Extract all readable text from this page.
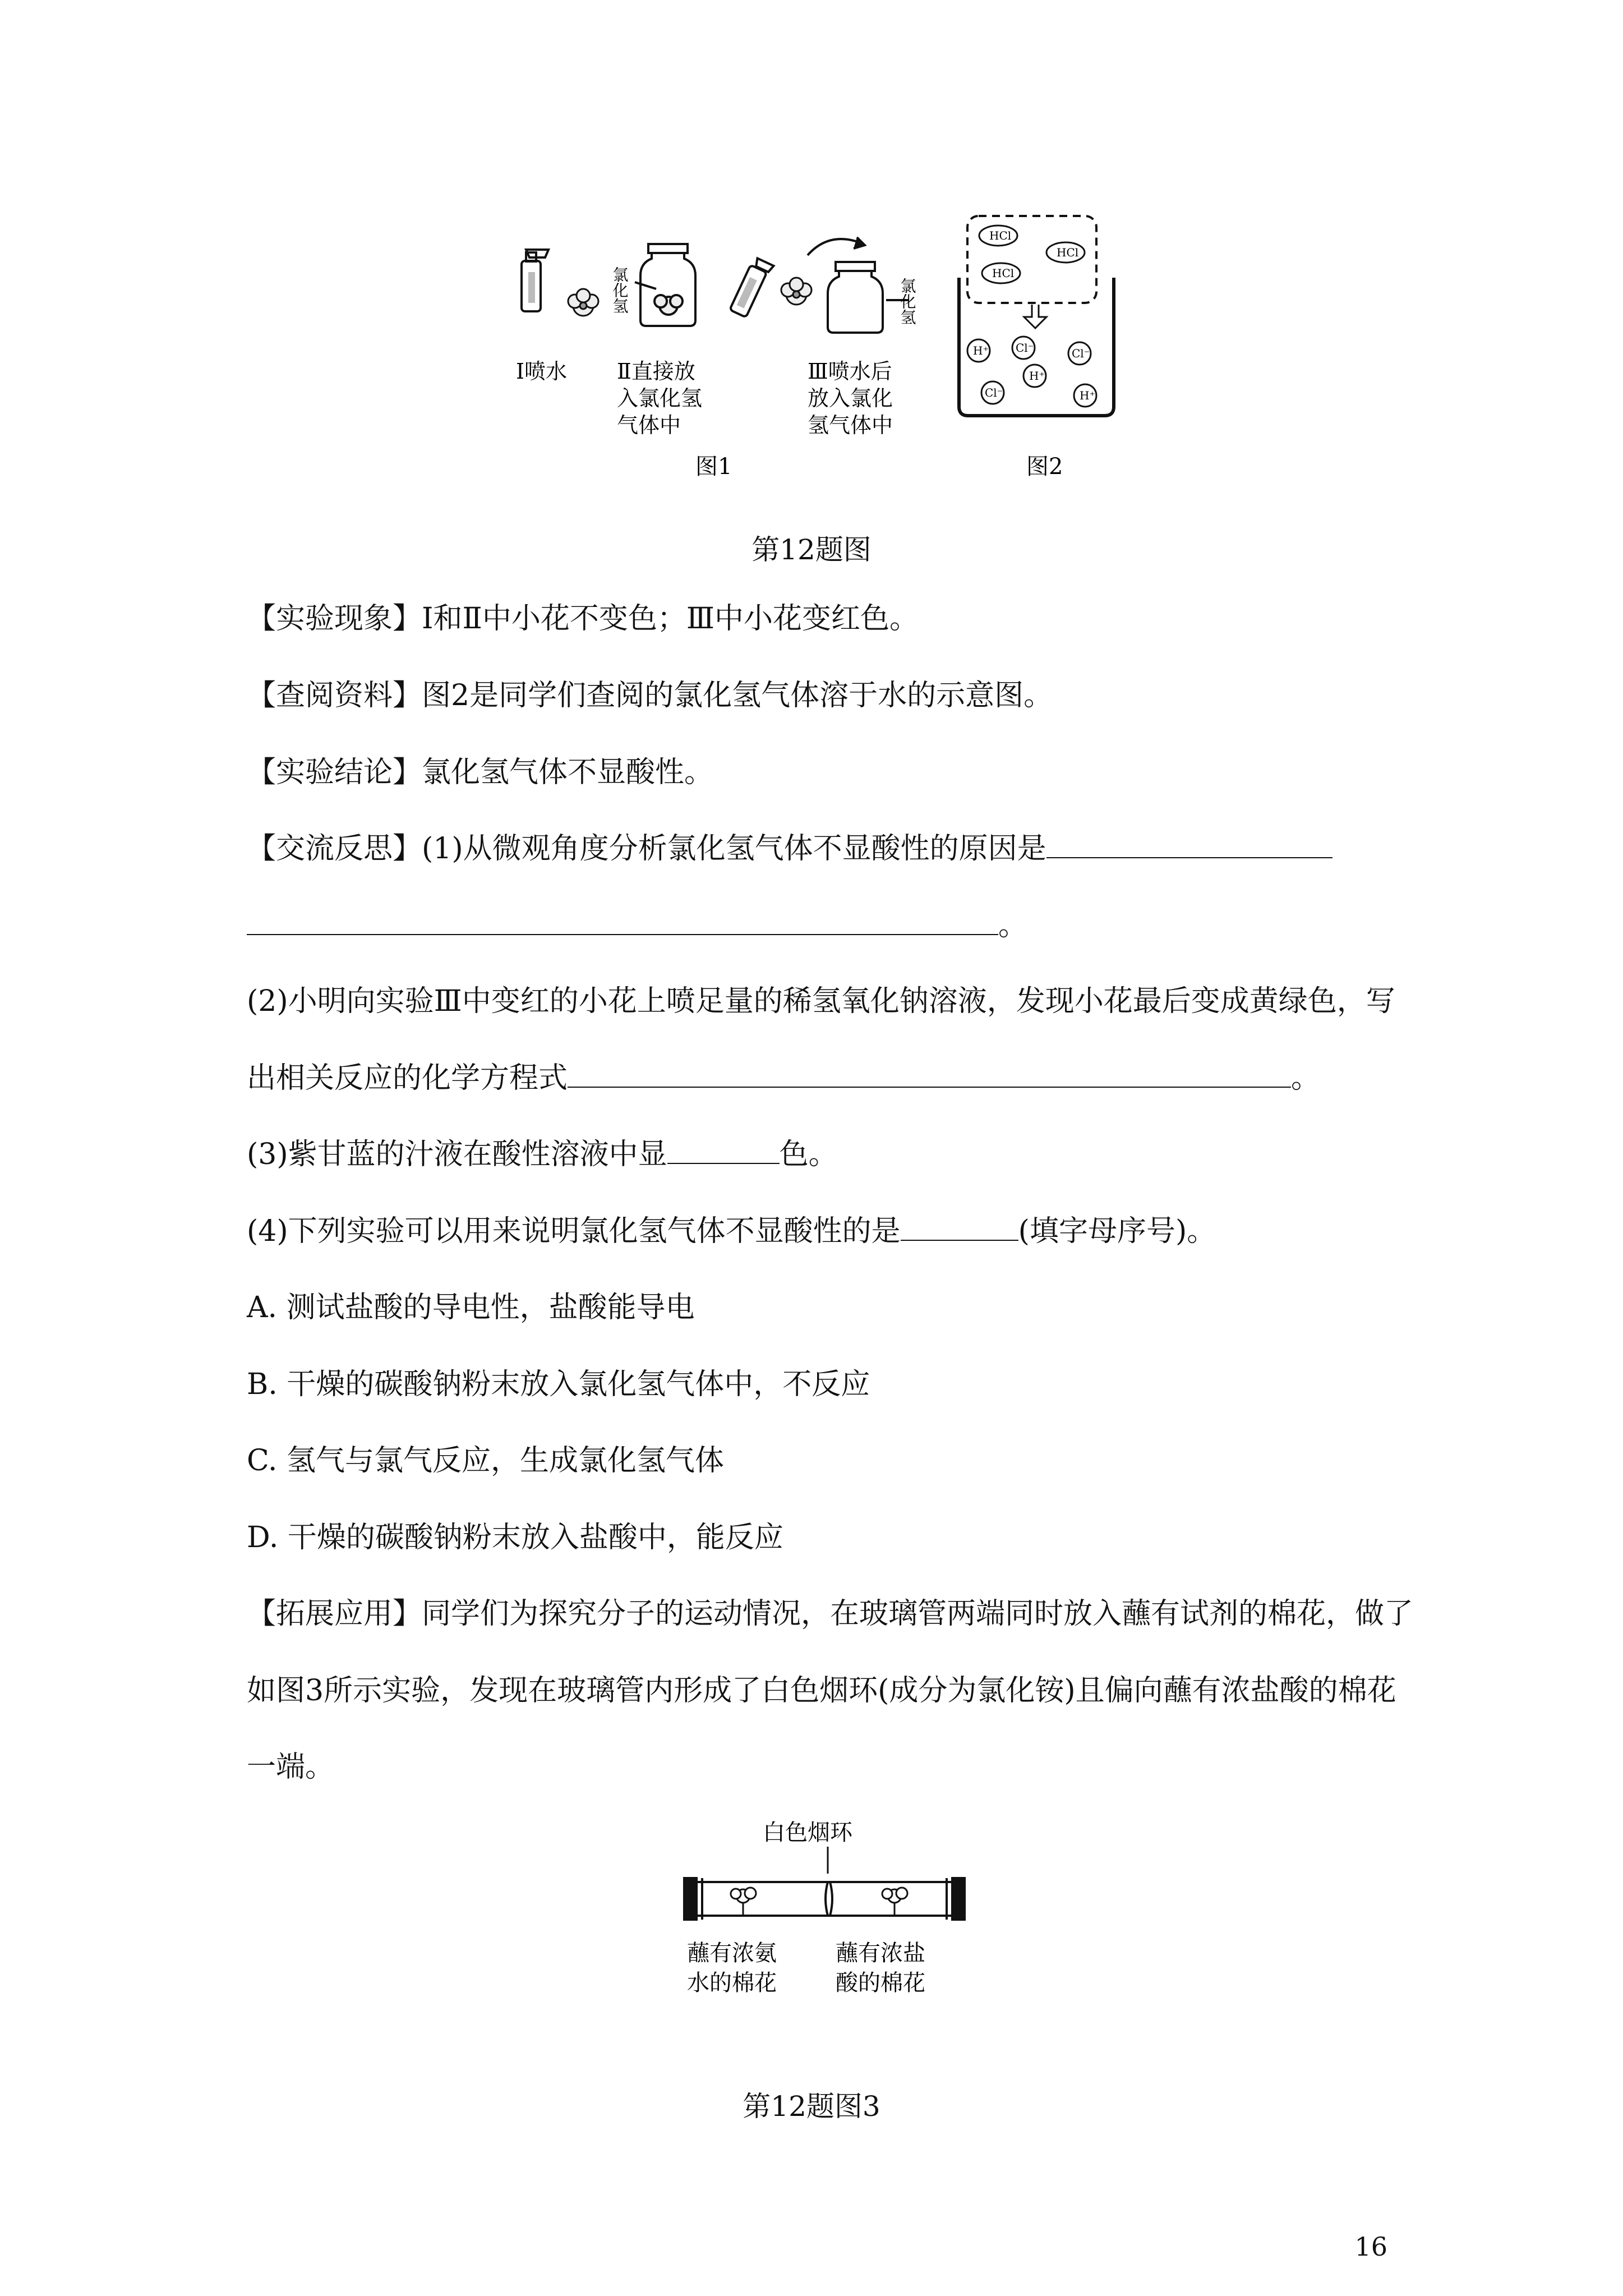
氯化氢	氯化氢
Ⅰ喷水 Ⅱ直接放
入氯化氢
气体中
Ⅲ喷水后
放入氯化
氢气体中
图1
HCl
HCl
HCl
H⁺ Cl⁻	Cl⁻
H⁺
Cl⁻	H⁺
图2
第12题图
【实验现象】Ⅰ和Ⅱ中小花不变色；Ⅲ中小花变红色。
【查阅资料】图2是同学们查阅的氯化氢气体溶于水的示意图。
【实验结论】氯化氢气体不显酸性。
【交流反思】(1)从微观角度分析氯化氢气体不显酸性的原因是
。
(2)小明向实验Ⅲ中变红的小花上喷足量的稀氢氧化钠溶液，发现小花最后变成黄绿色，写
出相关反应的化学方程式	。
(3)紫甘蓝的汁液在酸性溶液中显	色。
(4)下列实验可以用来说明氯化氢气体不显酸性的是	(填字母序号)。
A. 测试盐酸的导电性，盐酸能导电
B. 干燥的碳酸钠粉末放入氯化氢气体中，不反应
C. 氢气与氯气反应，生成氯化氢气体
D. 干燥的碳酸钠粉末放入盐酸中，能反应
【拓展应用】同学们为探究分子的运动情况，在玻璃管两端同时放入蘸有试剂的棉花，做了
如图3所示实验，发现在玻璃管内形成了白色烟环(成分为氯化铵)且偏向蘸有浓盐酸的棉花
一端。
白色烟环
蘸有浓氨
水的棉花
蘸有浓盐
酸的棉花
第12题图3
16
